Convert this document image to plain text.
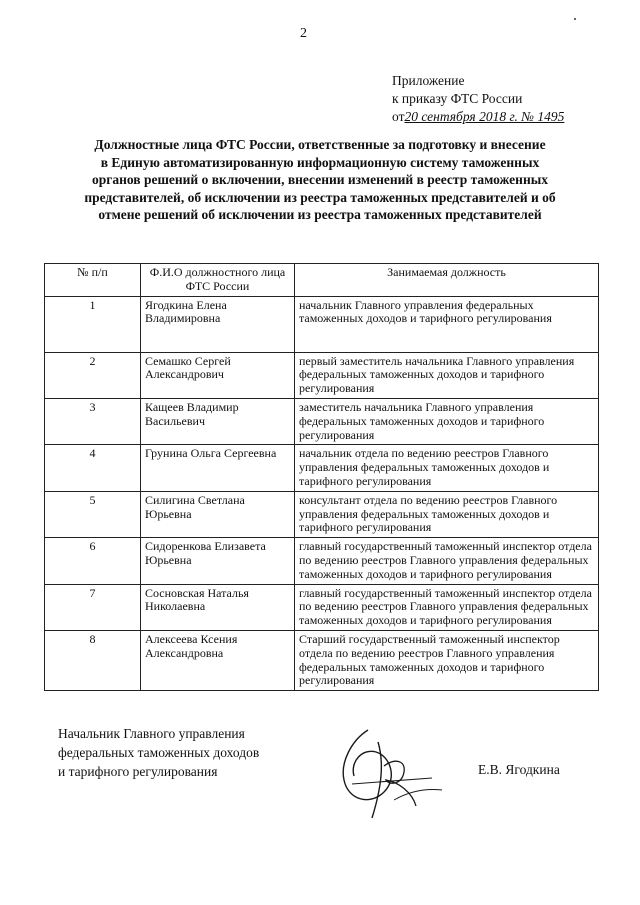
2
Приложение
к приказу ФТС России
от20 сентября 2018 г. № 1495
Должностные лица ФТС России, ответственные за подготовку и внесение
в Единую автоматизированную информационную систему таможенных
органов решений о включении, внесении изменений в реестр таможенных
представителей, об исключении из реестра таможенных представителей и об
отмене решений об исключении из реестра таможенных представителей
№ п/п	Ф.И.О должностного лица ФТС России	Занимаемая должность
1	Ягодкина Елена Владимировна	начальник Главного управления федеральных таможенных доходов и тарифного регулирования
2	Семашко Сергей Александрович	первый заместитель начальника Главного управления федеральных таможенных доходов и тарифного регулирования
3	Кащеев Владимир Васильевич	заместитель начальника Главного управления федеральных таможенных доходов и тарифного регулирования
4	Грунина Ольга Сергеевна	начальник отдела по ведению реестров Главного управления федеральных таможенных доходов и тарифного регулирования
5	Силигина Светлана Юрьевна	консультант отдела по ведению реестров Главного управления федеральных таможенных доходов и тарифного регулирования
6	Сидоренкова Елизавета Юрьевна	главный государственный таможенный инспектор отдела по ведению реестров Главного управления федеральных таможенных доходов и тарифного регулирования
7	Сосновская Наталья Николаевна	главный государственный таможенный инспектор отдела по ведению реестров Главного управления федеральных таможенных доходов и тарифного регулирования
8	Алексеева Ксения Александровна	Старший государственный таможенный инспектор отдела по ведению реестров Главного управления федеральных таможенных доходов и тарифного регулирования
Начальник Главного управления
федеральных таможенных доходов
и тарифного регулирования	Е.В. Ягодкина
